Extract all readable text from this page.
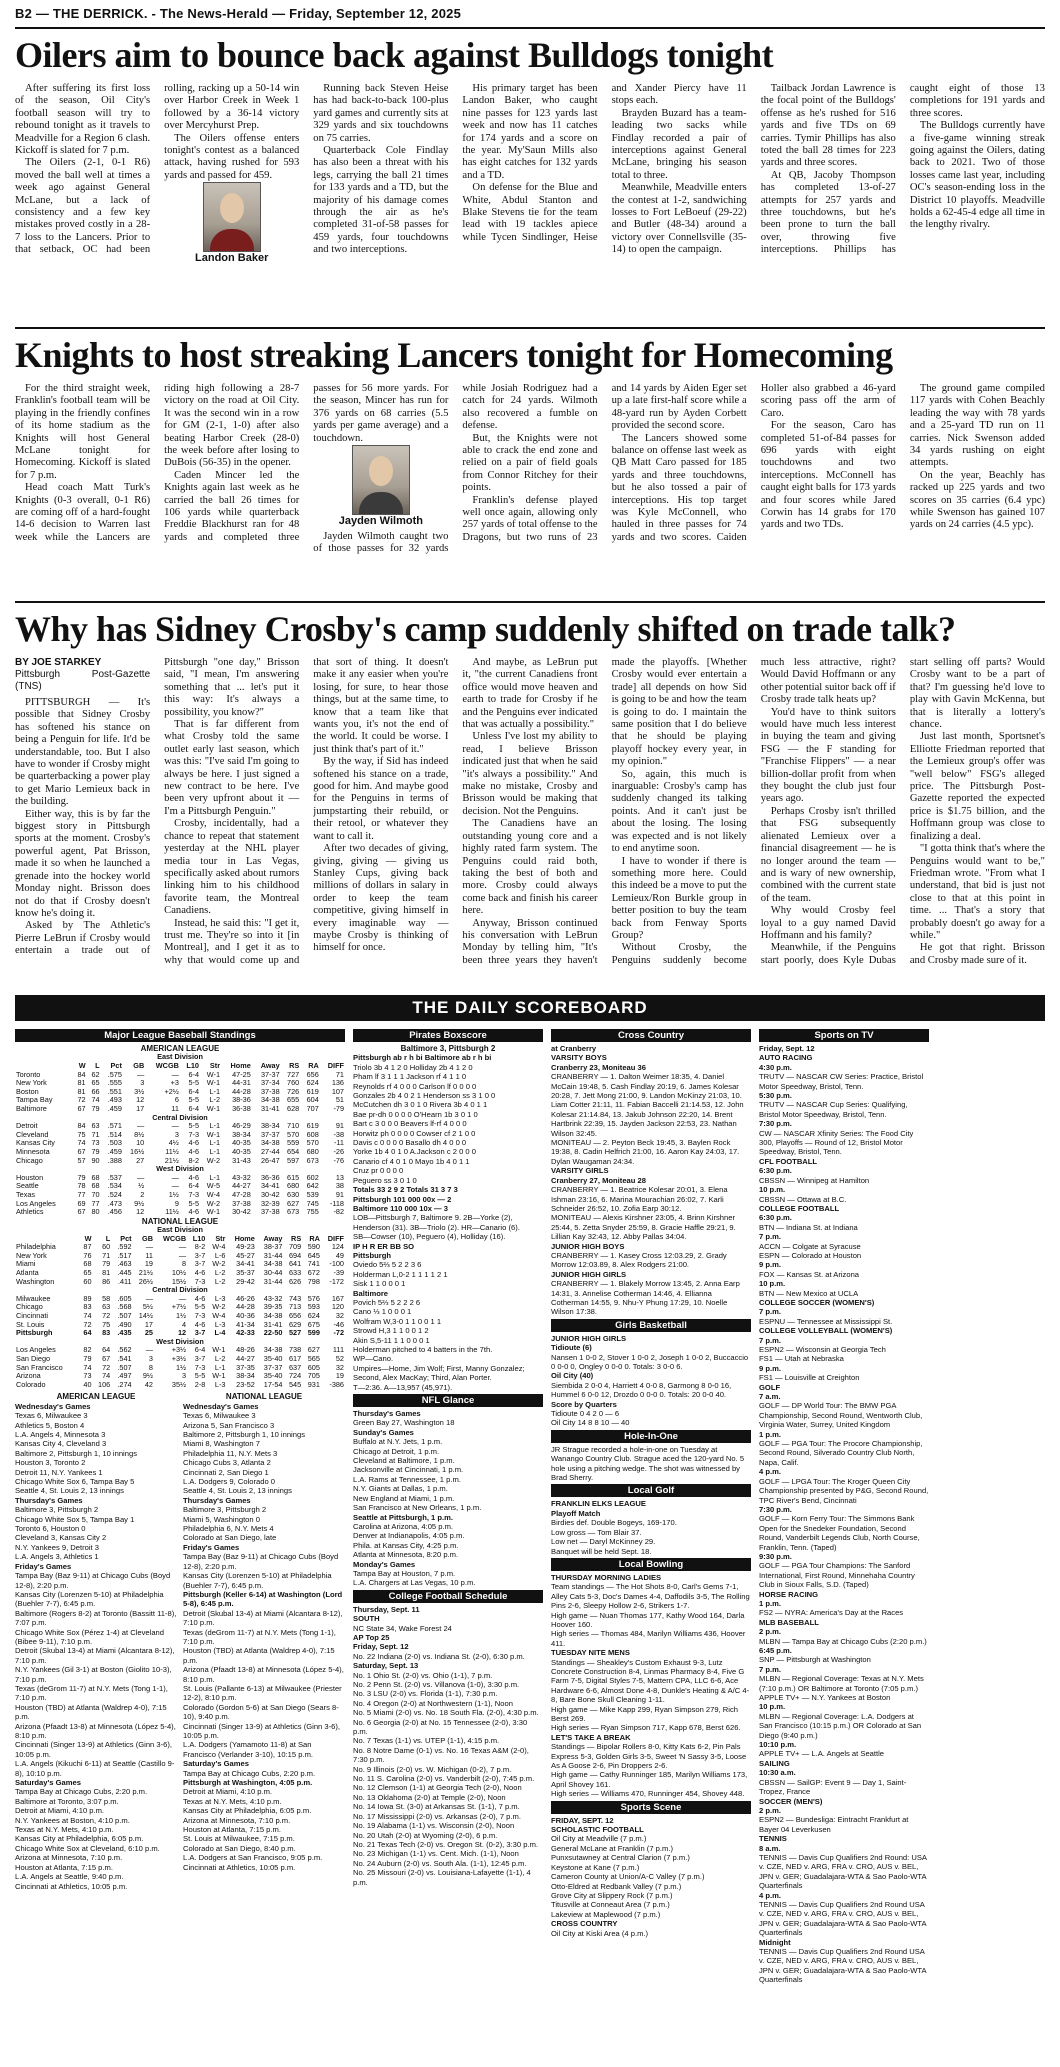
B2 — THE DERRICK. - The News-Herald — Friday, September 12, 2025
Oilers aim to bounce back against Bulldogs tonight

After suffering its first loss of the season, Oil City's football season will try to rebound tonight as it travels to Meadville for a Region 6 clash. Kickoff is slated for 7 p.m.

The Oilers (2-1, 0-1 R6) moved the ball well at times a week ago against General McLane, but a lack of consistency and a few key mistakes proved costly in a 28-7 loss to the Lancers. Prior to that setback, OC had been rolling, racking up a 50-14 win over Harbor Creek in Week 1 followed by a 36-14 victory over Mercyhurst Prep.

The Oilers offense enters tonight's contest as a balanced attack, having rushed for 593 yards and passed for 459.

Landon Baker

Running back Steven Heise has had back-to-back 100-plus yard games and currently sits at 329 yards and six touchdowns on 75 carries.

Quarterback Cole Findlay has also been a threat with his legs, carrying the ball 21 times for 133 yards and a TD, but the majority of his damage comes through the air as he's completed 31-of-58 passes for 459 yards, four touchdowns and two interceptions.

His primary target has been Landon Baker, who caught nine passes for 123 yards last week and now has 11 catches for 174 yards and a score on the year. My'Saun Mills also has eight catches for 132 yards and a TD.

On defense for the Blue and White, Abdul Stanton and Blake Stevens tie for the team lead with 19 tackles apiece while Tycen Sindlinger, Heise and Xander Piercy have 11 stops each.

Brayden Buzard has a team-leading two sacks while Findlay recorded a pair of interceptions against General McLane, bringing his season total to three.

Meanwhile, Meadville enters the contest at 1-2, sandwiching losses to Fort LeBoeuf (29-22) and Butler (48-34) around a victory over Connellsville (35-14) to open the campaign.

Tailback Jordan Lawrence is the focal point of the Bulldogs' offense as he's rushed for 516 yards and five TDs on 69 carries. Tymir Phillips has also toted the ball 28 times for 223 yards and three scores.

At QB, Jacoby Thompson has completed 13-of-27 attempts for 257 yards and three touchdowns, but he's been prone to turn the ball over, throwing five interceptions. Phillips has caught eight of those 13 completions for 191 yards and three scores.

The Bulldogs currently have a five-game winning streak going against the Oilers, dating back to 2021. Two of those losses came last year, including OC's season-ending loss in the District 10 playoffs. Meadville holds a 62-45-4 edge all time in the lengthy rivalry.

Knights to host streaking Lancers tonight for Homecoming

For the third straight week, Franklin's football team will be playing in the friendly confines of its home stadium as the Knights will host General McLane tonight for Homecoming. Kickoff is slated for 7 p.m.

Head coach Matt Turk's Knights (0-3 overall, 0-1 R6) are coming off of a hard-fought 14-6 decision to Warren last week while the Lancers are riding high following a 28-7 victory on the road at Oil City. It was the second win in a row for GM (2-1, 1-0) after also beating Harbor Creek (28-0) the week before after losing to DuBois (56-35) in the opener.

Caden Mincer led the Knights again last week as he carried the ball 26 times for 106 yards while quarterback Freddie Blackhurst ran for 48 yards and completed three passes for 56 more yards. For the season, Mincer has run for 376 yards on 68 carries (5.5 yards per game average) and a touchdown.

Jayden Wilmoth

Jayden Wilmoth caught two of those passes for 32 yards while Josiah Rodriguez had a catch for 24 yards. Wilmoth also recovered a fumble on defense.

But, the Knights were not able to crack the end zone and relied on a pair of field goals from Connor Ritchey for their points.

Franklin's defense played well once again, allowing only 257 yards of total offense to the Dragons, but two runs of 23 and 14 yards by Aiden Eger set up a late first-half score while a 48-yard run by Ayden Corbett provided the second score.

The Lancers showed some balance on offense last week as QB Matt Caro passed for 185 yards and three touchdowns, but he also tossed a pair of interceptions. His top target was Kyle McConnell, who hauled in three passes for 74 yards and two scores. Caiden Holler also grabbed a 46-yard scoring pass off the arm of Caro.

For the season, Caro has completed 51-of-84 passes for 696 yards with eight touchdowns and two interceptions. McConnell has caught eight balls for 173 yards and four scores while Jared Corwin has 14 grabs for 170 yards and two TDs.

The ground game compiled 117 yards with Cohen Beachly leading the way with 78 yards and a 25-yard TD run on 11 carries. Nick Swenson added 34 yards rushing on eight attempts.

On the year, Beachly has racked up 225 yards and two scores on 35 carries (6.4 ypc) while Swenson has gained 107 yards on 24 carries (4.5 ypc).

Why has Sidney Crosby's camp suddenly shifted on trade talk?
BY JOE STARKEY
Pittsburgh Post-Gazette (TNS)

PITTSBURGH — It's possible that Sidney Crosby has softened his stance on being a Penguin for life. It'd be understandable, too. But I also have to wonder if Crosby might be quarterbacking a power play to get Mario Lemieux back in the building.

Either way, this is by far the biggest story in Pittsburgh sports at the moment. Crosby's powerful agent, Pat Brisson, made it so when he launched a grenade into the hockey world Monday night. Brisson does not do that if Crosby doesn't know he's doing it.

Asked by The Athletic's Pierre LeBrun if Crosby would entertain a trade out of Pittsburgh "one day," Brisson said, "I mean, I'm answering something that ... let's put it this way: It's always a possibility, you know?"

That is far different from what Crosby told the same outlet early last season, which was this: "I've said I'm going to always be here. I just signed a new contract to be here. I've been very upfront about it — I'm a Pittsburgh Penguin."

Crosby, incidentally, had a chance to repeat that statement yesterday at the NHL player media tour in Las Vegas, specifically asked about rumors linking him to his childhood favorite team, the Montreal Canadiens.

Instead, he said this: "I get it, trust me. They're so into it [in Montreal], and I get it as to why that would come up and that sort of thing. It doesn't make it any easier when you're losing, for sure, to hear those things, but at the same time, to know that a team like that wants you, it's not the end of the world. It could be worse. I just think that's part of it."

By the way, if Sid has indeed softened his stance on a trade, good for him. And maybe good for the Penguins in terms of jumpstarting their rebuild, or their retool, or whatever they want to call it.

After two decades of giving, giving, giving — giving us Stanley Cups, giving back millions of dollars in salary in order to keep the team competitive, giving himself in every imaginable way — maybe Crosby is thinking of himself for once.

And maybe, as LeBrun put it, "the current Canadiens front office would move heaven and earth to trade for Crosby if he and the Penguins ever indicated that was actually a possibility."

Unless I've lost my ability to read, I believe Brisson indicated just that when he said "it's always a possibility." And make no mistake, Crosby and Brisson would be making that decision. Not the Penguins.

The Canadiens have an outstanding young core and a highly rated farm system. The Penguins could raid both, taking the best of both and more. Crosby could always come back and finish his career here.

Anyway, Brisson continued his conversation with LeBrun Monday by telling him, "It's been three years they haven't made the playoffs. [Whether Crosby would ever entertain a trade] all depends on how Sid is going to be and how the team is going to do. I maintain the same position that I do believe that he should be playing playoff hockey every year, in my opinion."

So, again, this much is inarguable: Crosby's camp has suddenly changed its talking points. And it can't just be about the losing. The losing was expected and is not likely to end anytime soon.

I have to wonder if there is something more here. Could this indeed be a move to put the Lemieux/Ron Burkle group in better position to buy the team back from Fenway Sports Group?

Without Crosby, the Penguins suddenly become much less attractive, right? Would David Hoffmann or any other potential suitor back off if Crosby trade talk heats up?

You'd have to think suitors would have much less interest in buying the team and giving FSG — the F standing for "Franchise Flippers" — a near billion-dollar profit from when they bought the club just four years ago.

Perhaps Crosby isn't thrilled that FSG subsequently alienated Lemieux over a financial disagreement — he is no longer around the team — and is wary of new ownership, combined with the current state of the team.

Why would Crosby feel loyal to a guy named David Hoffmann and his family?

Meanwhile, if the Penguins start poorly, does Kyle Dubas start selling off parts? Would Crosby want to be a part of that? I'm guessing he'd love to play with Gavin McKenna, but that is literally a lottery's chance.

Just last month, Sportsnet's Elliotte Friedman reported that the Lemieux group's offer was "well below" FSG's alleged price. The Pittsburgh Post-Gazette reported the expected price is $1.75 billion, and the Hoffmann group was close to finalizing a deal.

"I gotta think that's where the Penguins would want to be," Friedman wrote. "From what I understand, that bid is just not close to that at this point in time. ... That's a story that probably doesn't go away for a while."

He got that right. Brisson and Crosby made sure of it.

THE DAILY SCOREBOARD
Major League Baseball Standings
AMERICAN LEAGUE
East Division												
	W	L	Pct	GB	WCGB	L10	Str	Home	Away	RS	RA	DIFF
Toronto	84	62	.575	—	—	6-4	W-1	47-25	37-37	727	656	71
New York	81	65	.555	3	+3	5-5	W-1	44-31	37-34	760	624	136
Boston	81	66	.551	3½	+2½	6-4	L-1	44-28	37-38	726	619	107
Tampa Bay	72	74	.493	12	6	5-5	L-2	38-36	34-38	655	604	51
Baltimore	67	79	.459	17	11	6-4	W-1	36-38	31-41	628	707	-79
Central Division												
Detroit	84	63	.571	—	—	5-5	L-1	46-29	38-34	710	619	91
Cleveland	75	71	.514	8½	3	7-3	W-1	38-34	37-37	570	608	-38
Kansas City	74	73	.503	10	4½	4-6	L-1	40-35	34-38	559	570	-11
Minnesota	67	79	.459	16½	11½	4-6	L-1	40-35	27-44	654	680	-26
Chicago	57	90	.388	27	21½	8-2	W-2	31-43	26-47	597	673	-76
West Division												
Houston	79	68	.537	—	—	4-6	L-1	43-32	36-36	615	602	13
Seattle	78	68	.534	½	—	6-4	W-5	44-27	34-41	680	642	38
Texas	77	70	.524	2	1½	7-3	W-4	47-28	30-42	630	539	91
Los Angeles	69	77	.473	9½	9	5-5	W-2	37-38	32-39	627	745	-118
Athletics	67	80	.456	12	11½	4-6	W-1	30-42	37-38	673	755	-82
NATIONAL LEAGUE
East Division												
	W	L	Pct	GB	WCGB	L10	Str	Home	Away	RS	RA	DIFF
Philadelphia	87	60	.592	—	—	8-2	W-4	49-23	38-37	709	590	124
New York	76	71	.517	11	—	3-7	L-6	45-27	31-44	694	645	49
Miami	68	79	.463	19	8	3-7	W-2	34-41	34-38	641	741	-100
Atlanta	65	81	.445	21½	10½	4-6	L-2	35-37	30-44	633	672	-39
Washington	60	86	.411	26½	15½	7-3	L-2	29-42	31-44	626	798	-172
Central Division												
Milwaukee	89	58	.605	—	—	4-6	L-3	46-26	43-32	743	576	167
Chicago	83	63	.568	5½	+7½	5-5	W-2	44-28	39-35	713	593	120
Cincinnati	74	72	.507	14½	1½	7-3	W-4	40-36	34-38	656	624	32
St. Louis	72	75	.490	17	4	4-6	L-3	41-34	31-41	629	675	-46
Pittsburgh	64	83	.435	25	12	3-7	L-4	42-33	22-50	527	599	-72
West Division												
Los Angeles	82	64	.562	—	+3½	6-4	W-1	48-26	34-38	738	627	111
San Diego	79	67	.541	3	+3½	3-7	L-2	44-27	35-40	617	565	52
San Francisco	74	72	.507	8	1½	7-3	L-1	37-35	37-37	637	605	32
Arizona	73	74	.497	9½	3	5-5	W-1	38-34	35-40	724	705	19
Colorado	40	106	.274	42	35½	2-8	L-3	23-52	17-54	545	931	-386
AMERICAN LEAGUE
Wednesday's Games
Texas 6, Milwaukee 3
Athletics 5, Boston 4
L.A. Angels 4, Minnesota 3
Kansas City 4, Cleveland 3
Baltimore 2, Pittsburgh 1, 10 innings
Houston 3, Toronto 2
Detroit 11, N.Y. Yankees 1
Chicago White Sox 6, Tampa Bay 5
Seattle 4, St. Louis 2, 13 innings
Thursday's Games
Baltimore 3, Pittsburgh 2
Chicago White Sox 5, Tampa Bay 1
Toronto 6, Houston 0
Cleveland 3, Kansas City 2
N.Y. Yankees 9, Detroit 3
L.A. Angels 3, Athletics 1
Friday's Games
Tampa Bay (Baz 9-11) at Chicago Cubs (Boyd 12-8), 2:20 p.m.
Kansas City (Lorenzen 5-10) at Philadelphia (Buehler 7-7), 6:45 p.m.
Baltimore (Rogers 8-2) at Toronto (Bassitt 11-8), 7:07 p.m.
Chicago White Sox (Pérez 1-4) at Cleveland (Bibee 9-11), 7:10 p.m.
Detroit (Skubal 13-4) at Miami (Alcantara 8-12), 7:10 p.m.
N.Y. Yankees (Gil 3-1) at Boston (Giolito 10-3), 7:10 p.m.
Texas (deGrom 11-7) at N.Y. Mets (Tong 1-1), 7:10 p.m.
Houston (TBD) at Atlanta (Waldrep 4-0), 7:15 p.m.
Arizona (Pfaadt 13-8) at Minnesota (López 5-4), 8:10 p.m.
Cincinnati (Singer 13-9) at Athletics (Ginn 3-6), 10:05 p.m.
L.A. Angels (Kikuchi 6-11) at Seattle (Castillo 9-8), 10:10 p.m.
Saturday's Games
Tampa Bay at Chicago Cubs, 2:20 p.m.
Baltimore at Toronto, 3:07 p.m.
Detroit at Miami, 4:10 p.m.
N.Y. Yankees at Boston, 4:10 p.m.
Texas at N.Y. Mets, 4:10 p.m.
Kansas City at Philadelphia, 6:05 p.m.
Chicago White Sox at Cleveland, 6:10 p.m.
Arizona at Minnesota, 7:10 p.m.
Houston at Atlanta, 7:15 p.m.
L.A. Angels at Seattle, 9:40 p.m.
Cincinnati at Athletics, 10:05 p.m.
NATIONAL LEAGUE
Wednesday's Games
Texas 6, Milwaukee 3
Arizona 5, San Francisco 3
Baltimore 2, Pittsburgh 1, 10 innings
Miami 8, Washington 7
Philadelphia 11, N.Y. Mets 3
Chicago Cubs 3, Atlanta 2
Cincinnati 2, San Diego 1
L.A. Dodgers 9, Colorado 0
Seattle 4, St. Louis 2, 13 innings
Thursday's Games
Baltimore 3, Pittsburgh 2
Miami 5, Washington 0
Philadelphia 6, N.Y. Mets 4
Colorado at San Diego, late
Friday's Games
Tampa Bay (Baz 9-11) at Chicago Cubs (Boyd 12-8), 2:20 p.m.
Kansas City (Lorenzen 5-10) at Philadelphia (Buehler 7-7), 6:45 p.m.
Pittsburgh (Keller 6-14) at Washington (Lord 5-8), 6:45 p.m.
Detroit (Skubal 13-4) at Miami (Alcantara 8-12), 7:10 p.m.
Texas (deGrom 11-7) at N.Y. Mets (Tong 1-1), 7:10 p.m.
Houston (TBD) at Atlanta (Waldrep 4-0), 7:15 p.m.
Arizona (Pfaadt 13-8) at Minnesota (López 5-4), 8:10 p.m.
St. Louis (Pallante 6-13) at Milwaukee (Priester 12-2), 8:10 p.m.
Colorado (Gordon 5-6) at San Diego (Sears 8-10), 9:40 p.m.
Cincinnati (Singer 13-9) at Athletics (Ginn 3-6), 10:05 p.m.
L.A. Dodgers (Yamamoto 11-8) at San Francisco (Verlander 3-10), 10:15 p.m.
Saturday's Games
Tampa Bay at Chicago Cubs, 2:20 p.m.
Pittsburgh at Washington, 4:05 p.m.
Detroit at Miami, 4:10 p.m.
Texas at N.Y. Mets, 4:10 p.m.
Kansas City at Philadelphia, 6:05 p.m.
Arizona at Minnesota, 7:10 p.m.
Houston at Atlanta, 7:15 p.m.
St. Louis at Milwaukee, 7:15 p.m.
Colorado at San Diego, 8:40 p.m.
L.A. Dodgers at San Francisco, 9:05 p.m.
Cincinnati at Athletics, 10:05 p.m.
Pirates Boxscore
Baltimore 3, Pittsburgh 2
Pittsburgh ab r h bi Baltimore ab r h bi
Triolo 3b 4 1 2 0 Holliday 2b 4 1 2 0
Pham lf 3 1 1 1 Jackson rf 4 1 1 0
Reynolds rf 4 0 0 0 Carlson lf 0 0 0 0
Gonzales 2b 4 0 2 1 Henderson ss 3 1 0 0
McCutchen dh 3 0 1 0 Rivera 3b 4 0 1 1
Bae pr-dh 0 0 0 0 O'Hearn 1b 3 0 1 0
Bart c 3 0 0 0 Beavers lf-rf 4 0 0 0
Horwitz ph 0 0 0 0 Cowser cf 2 1 0 0
Davis c 0 0 0 0 Basallo dh 4 0 0 0
Yorke 1b 4 0 1 0 A.Jackson c 2 0 0 0
Canario cf 4 0 1 0 Mayo 1b 4 0 1 1
Cruz pr 0 0 0 0
Peguero ss 3 0 1 0
Totals 33 2 9 2 Totals 31 3 7 3
Pittsburgh 101 000 00x — 2
Baltimore 110 000 10x — 3
LOB—Pittsburgh 7, Baltimore 9. 2B—Yorke (2),
Henderson (31). 3B—Triolo (2). HR—Canario (6).
SB—Cowser (10), Peguero (4), Holliday (16).
IP H R ER BB SO
Pittsburgh
Oviedo 5⅔ 5 2 2 3 6
Holderman L,0-2 1 1 1 1 2 1
Sisk 1 1 0 0 0 1
Baltimore
Povich 5⅔ 5 2 2 2 6
Cano ⅓ 1 0 0 0 1
Wolfram W,3-0 1 1 0 0 1 1
Strowd H,3 1 1 0 0 1 2
Akin S,5-11 1 1 0 0 0 1
Holderman pitched to 4 batters in the 7th.
WP—Cano.
Umpires—Home, Jim Wolf; First, Manny Gonzalez;
Second, Alex MacKay; Third, Alan Porter.
T—2:36. A—13,957 (45,971).
NFL Glance
Thursday's Games
Green Bay 27, Washington 18
Sunday's Games
Buffalo at N.Y. Jets, 1 p.m.
Chicago at Detroit, 1 p.m.
Cleveland at Baltimore, 1 p.m.
Jacksonville at Cincinnati, 1 p.m.
L.A. Rams at Tennessee, 1 p.m.
N.Y. Giants at Dallas, 1 p.m.
New England at Miami, 1 p.m.
San Francisco at New Orleans, 1 p.m.
Seattle at Pittsburgh, 1 p.m.
Carolina at Arizona, 4:05 p.m.
Denver at Indianapolis, 4:05 p.m.
Phila. at Kansas City, 4:25 p.m.
Atlanta at Minnesota, 8:20 p.m.
Monday's Games
Tampa Bay at Houston, 7 p.m.
L.A. Chargers at Las Vegas, 10 p.m.
College Football Schedule
Thursday, Sept. 11
SOUTH
NC State 34, Wake Forest 24
AP Top 25
Friday, Sept. 12
No. 22 Indiana (2-0) vs. Indiana St. (2-0), 6:30 p.m.
Saturday, Sept. 13
No. 1 Ohio St. (2-0) vs. Ohio (1-1), 7 p.m.
No. 2 Penn St. (2-0) vs. Villanova (1-0), 3:30 p.m.
No. 3 LSU (2-0) vs. Florida (1-1), 7:30 p.m.
No. 4 Oregon (2-0) at Northwestern (1-1), Noon
No. 5 Miami (2-0) vs. No. 18 South Fla. (2-0), 4:30 p.m.
No. 6 Georgia (2-0) at No. 15 Tennessee (2-0), 3:30 p.m.
No. 7 Texas (1-1) vs. UTEP (1-1), 4:15 p.m.
No. 8 Notre Dame (0-1) vs. No. 16 Texas A&M (2-0), 7:30 p.m.
No. 9 Illinois (2-0) vs. W. Michigan (0-2), 7 p.m.
No. 11 S. Carolina (2-0) vs. Vanderbilt (2-0), 7:45 p.m.
No. 12 Clemson (1-1) at Georgia Tech (2-0), Noon
No. 13 Oklahoma (2-0) at Temple (2-0), Noon
No. 14 Iowa St. (3-0) at Arkansas St. (1-1), 7 p.m.
No. 17 Mississippi (2-0) vs. Arkansas (2-0), 7 p.m.
No. 19 Alabama (1-1) vs. Wisconsin (2-0), Noon
No. 20 Utah (2-0) at Wyoming (2-0), 6 p.m.
No. 21 Texas Tech (2-0) vs. Oregon St. (0-2), 3:30 p.m.
No. 23 Michigan (1-1) vs. Cent. Mich. (1-1), Noon
No. 24 Auburn (2-0) vs. South Ala. (1-1), 12:45 p.m.
No. 25 Missouri (2-0) vs. Louisiana-Lafayette (1-1), 4 p.m.
Cross Country
at Cranberry
VARSITY BOYS
Cranberry 23, Moniteau 36
CRANBERRY — 1. Dalton Weimer 18:35, 4. Daniel McCain 19:48, 5. Cash Findlay 20:19, 6. James Kolesar 20:28, 7. Jett Mong 21:00, 9. Landon McKinzy 21:03, 10. Liam Cotter 21:11, 11. Fabian Baccelli 21:14.53, 12. John Kolesar 21:14.84, 13. Jakub Johnson 22:20, 14. Brent Hartbrink 22:39, 15. Jayden Jackson 22:53, 23. Nathan Wilson 32:45.
MONITEAU — 2. Peyton Beck 19:45, 3. Baylen Rock 19:38, 8. Cadin Helfrich 21:00, 16. Aaron Kay 24:03, 17. Dylan Waugaman 24:34.
VARSITY GIRLS
Cranberry 27, Moniteau 28
CRANBERRY — 1. Beatrice Kolesar 20:01, 3. Elena Ishman 23:16, 6. Marina Mourachian 26:02, 7. Karli Schneider 26:52, 10. Zofia Earp 30:12.
MONITEAU — Alexis Kirshner 23:05, 4. Brinn Kirshner 25:44, 5. Zetta Snyder 25:59, 8. Gracie Haffle 29:21, 9. Lillian Kay 32:43, 12. Abby Pallas 34:04.
JUNIOR HIGH BOYS
CRANBERRY — 1. Kasey Cross 12:03.29, 2. Grady Morrow 12:03.89, 8. Alex Rodgers 21:00.
JUNIOR HIGH GIRLS
CRANBERRY — 1. Blakely Morrow 13:45, 2. Anna Earp 14:31, 3. Annelise Cotherman 14:46, 4. Ellianna Cotherman 14:55, 9. Nhu-Y Phung 17:29, 10. Noelle Wilson 17:38.
Girls Basketball
JUNIOR HIGH GIRLS
Tidioute (6)
Nansen 1 0-0 2, Stover 1 0-0 2, Joseph 1 0-0 2, Buccaccio 0 0-0 0, Ongley 0 0-0 0. Totals: 3 0-0 6.
Oil City (40)
Siembida 2 0-0 4, Harriett 4 0-0 8, Garmong 8 0-0 16, Hummel 6 0-0 12, Drozdo 0 0-0 0. Totals: 20 0-0 40.
Score by Quarters
Tidioute 0 4 2 0 — 6
Oil City 14 8 8 10 — 40
Hole-In-One
JR Strague recorded a hole-in-one on Tuesday at Wanango Country Club. Strague aced the 120-yard No. 5 hole using a pitching wedge. The shot was witnessed by Brad Sherry.
Local Golf
FRANKLIN ELKS LEAGUE
Playoff Match
Birdies def. Double Bogeys, 169-170.
Low gross — Tom Blair 37.
Low net — Daryl McKinney 29.
Banquet will be held Sept. 18.
Local Bowling
THURSDAY MORNING LADIES
Team standings — The Hot Shots 8-0, Carl's Gems 7-1, Alley Cats 5-3, Doc's Dames 4-4, Daffodils 3-5, The Rolling Pins 2-6, Sleepy Hollow 2-6, Strikers 1-7.
High game — Nuan Thomas 177, Kathy Wood 164, Darla Hoover 160.
High series — Thomas 484, Marilyn Williams 436, Hoover 411.
TUESDAY NITE MENS
Standings — Sheakley's Custom Exhaust 9-3, Lutz Concrete Construction 8-4, Linmas Pharmacy 8-4, Five G Farm 7-5, Digital Styles 7-5, Mattern CPA, LLC 6-6, Ace Hardware 6-6, Almost Done 4-8, Dunkle's Heating & A/C 4-8, Bare Bone Skull Cleaning 1-11.
High game — Mike Kapp 299, Ryan Simpson 279, Rich Berst 269.
High series — Ryan Simpson 717, Kapp 678, Berst 626.
LET'S TAKE A BREAK
Standings — Bipolar Rollers 8-0, Kitty Kats 6-2, Pin Pals Express 5-3, Golden Girls 3-5, Sweet 'N Sassy 3-5, Loose As A Goose 2-6, Pin Droppers 2-6.
High game — Cathy Runninger 185, Marilyn Williams 173, April Shovey 161.
High series — Williams 470, Runninger 454, Shovey 448.
Sports Scene
FRIDAY, SEPT. 12
SCHOLASTIC FOOTBALL
Oil City at Meadville (7 p.m.)
General McLane at Franklin (7 p.m.)
Punxsutawney at Central Clarion (7 p.m.)
Keystone at Kane (7 p.m.)
Cameron County at Union/A-C Valley (7 p.m.)
Otto-Eldred at Redbank Valley (7 p.m.)
Grove City at Slippery Rock (7 p.m.)
Titusville at Conneaut Area (7 p.m.)
Lakeview at Maplewood (7 p.m.)
CROSS COUNTRY
Oil City at Kiski Area (4 p.m.)
Sports on TV
Friday, Sept. 12
AUTO RACING
4:30 p.m.
TRUTV — NASCAR CW Series: Practice, Bristol Motor Speedway, Bristol, Tenn.
5:30 p.m.
TRUTV — NASCAR Cup Series: Qualifying, Bristol Motor Speedway, Bristol, Tenn.
7:30 p.m.
CW — NASCAR Xfinity Series: The Food City 300, Playoffs — Round of 12, Bristol Motor Speedway, Bristol, Tenn.
CFL FOOTBALL
6:30 p.m.
CBSSN — Winnipeg at Hamilton
10 p.m.
CBSSN — Ottawa at B.C.
COLLEGE FOOTBALL
6:30 p.m.
BTN — Indiana St. at Indiana
7 p.m.
ACCN — Colgate at Syracuse
ESPN — Colorado at Houston
9 p.m.
FOX — Kansas St. at Arizona
10 p.m.
BTN — New Mexico at UCLA
COLLEGE SOCCER (WOMEN'S)
7 p.m.
ESPNU — Tennessee at Mississippi St.
COLLEGE VOLLEYBALL (WOMEN'S)
7 p.m.
ESPN2 — Wisconsin at Georgia Tech
FS1 — Utah at Nebraska
9 p.m.
FS1 — Louisville at Creighton
GOLF
7 a.m.
GOLF — DP World Tour: The BMW PGA Championship, Second Round, Wentworth Club, Virginia Water, Surrey, United Kingdom
1 p.m.
GOLF — PGA Tour: The Procore Championship, Second Round, Silverado Country Club North, Napa, Calif.
4 p.m.
GOLF — LPGA Tour: The Kroger Queen City Championship presented by P&G, Second Round, TPC River's Bend, Cincinnati
7:30 p.m.
GOLF — Korn Ferry Tour: The Simmons Bank Open for the Snedeker Foundation, Second Round, Vanderbilt Legends Club, North Course, Franklin, Tenn. (Taped)
9:30 p.m.
GOLF — PGA Tour Champions: The Sanford International, First Round, Minnehaha Country Club in Sioux Falls, S.D. (Taped)
HORSE RACING
1 p.m.
FS2 — NYRA: America's Day at the Races
MLB BASEBALL
2 p.m.
MLBN — Tampa Bay at Chicago Cubs (2:20 p.m.)
6:45 p.m.
SNP — Pittsburgh at Washington
7 p.m.
MLBN — Regional Coverage: Texas at N.Y. Mets (7:10 p.m.) OR Baltimore at Toronto (7:05 p.m.)
APPLE TV+ — N.Y. Yankees at Boston
10 p.m.
MLBN — Regional Coverage: L.A. Dodgers at San Francisco (10:15 p.m.) OR Colorado at San Diego (9:40 p.m.)
10:10 p.m.
APPLE TV+ — L.A. Angels at Seattle
SAILING
10:30 a.m.
CBSSN — SailGP: Event 9 — Day 1, Saint-Tropez, France
SOCCER (MEN'S)
2 p.m.
ESPN2 — Bundesliga: Eintracht Frankfurt at Bayer 04 Leverkusen
TENNIS
8 a.m.
TENNIS — Davis Cup Qualifiers 2nd Round: USA v. CZE, NED v. ARG, FRA v. CRO, AUS v. BEL, JPN v. GER; Guadalajara-WTA & Sao Paolo-WTA Quarterfinals
4 p.m.
TENNIS — Davis Cup Qualifiers 2nd Round USA v. CZE, NED v. ARG, FRA v. CRO, AUS v. BEL, JPN v. GER; Guadalajara-WTA & Sao Paolo-WTA Quarterfinals
Midnight
TENNIS — Davis Cup Qualifiers 2nd Round USA v. CZE, NED v. ARG, FRA v. CRO, AUS v. BEL, JPN v. GER; Guadalajara-WTA & Sao Paolo-WTA Quarterfinals
